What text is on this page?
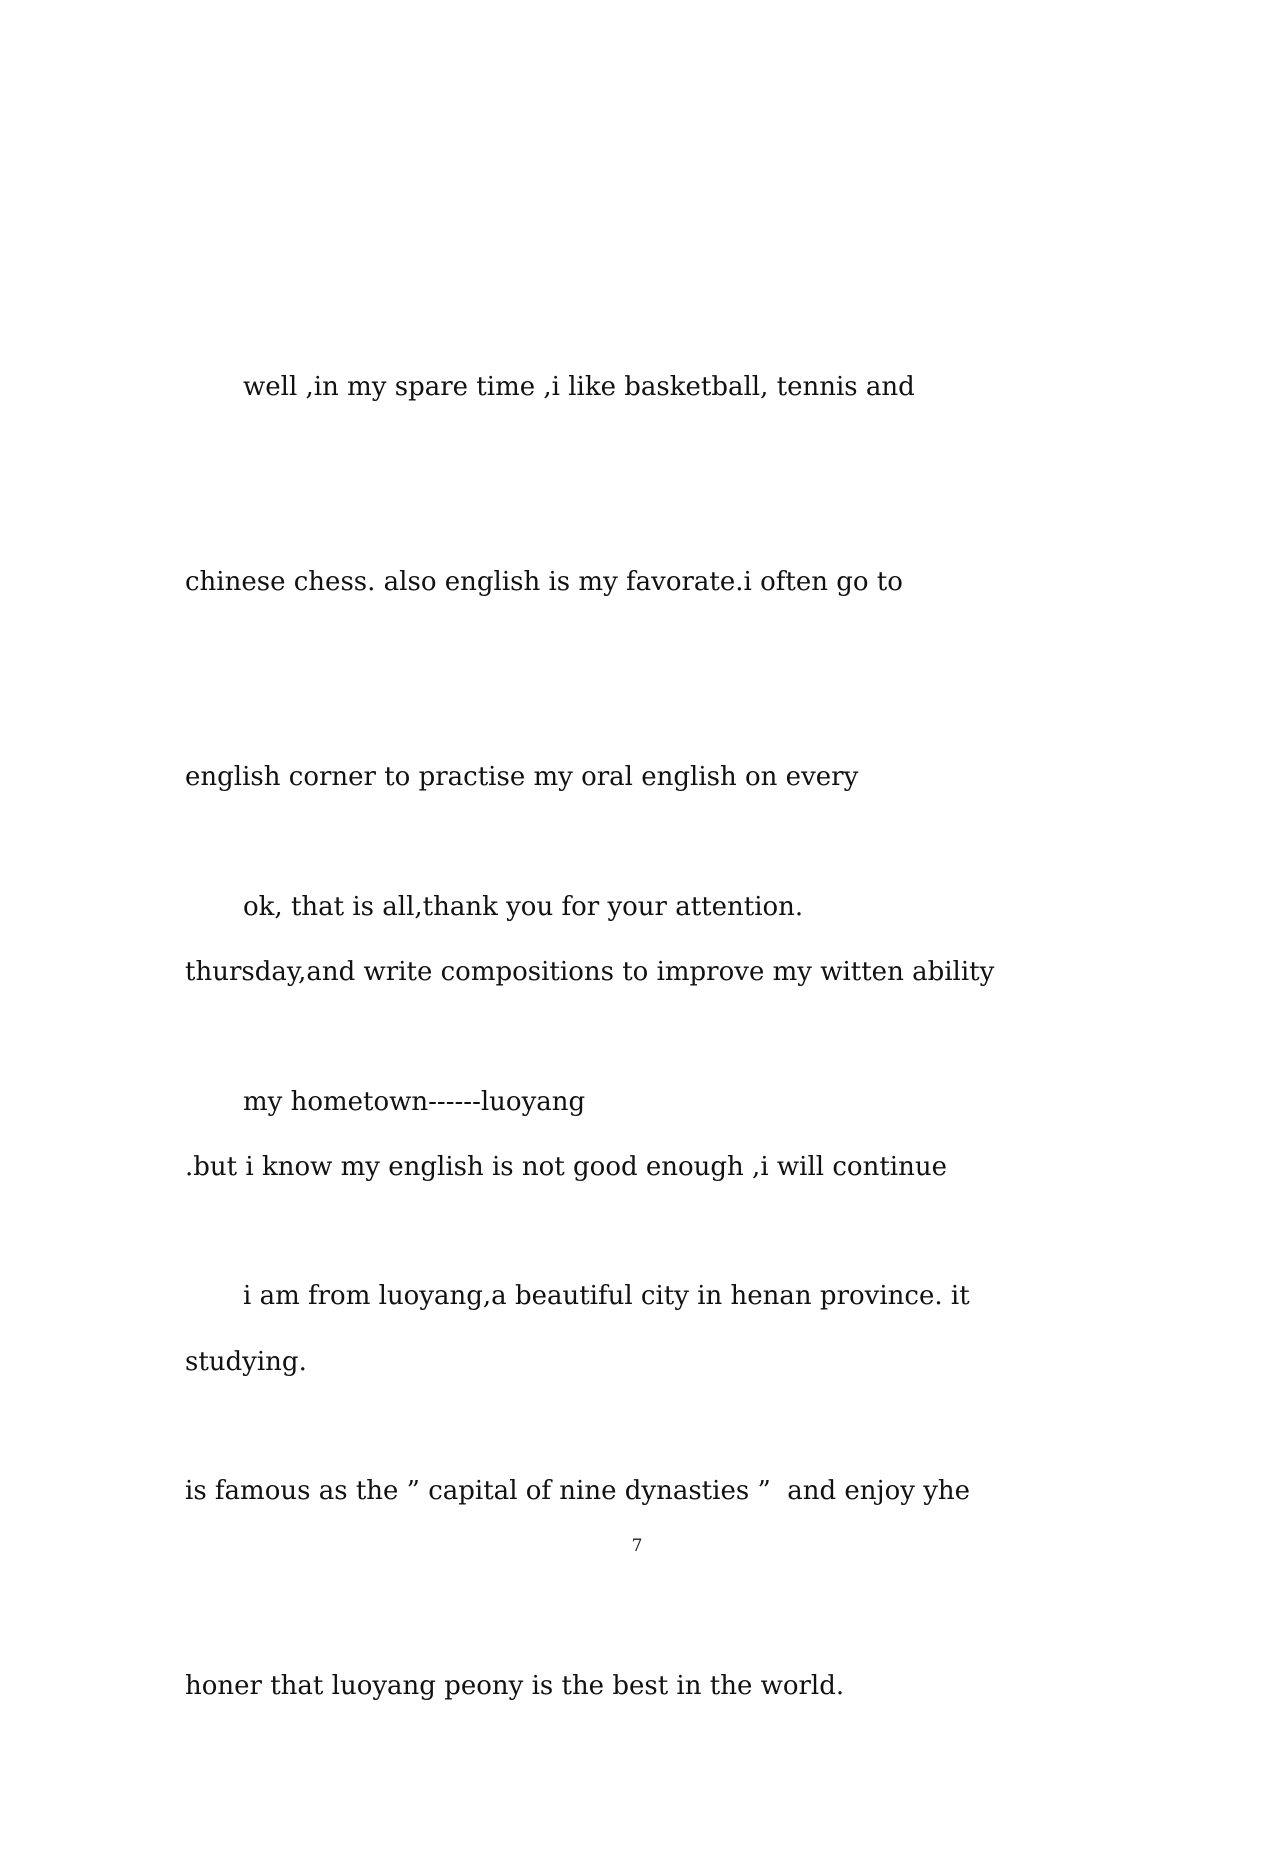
well ,in my spare time ,i like basketball, tennis and

chinese chess. also english is my favorate.i often go to

english corner to practise my oral english on every

thursday,and write compositions to improve my witten ability

.but i know my english is not good enough ,i will continue

studying.

ok, that is all,thank you for your attention.

my hometown------luoyang

i am from luoyang,a beautiful city in henan province. it

is famous as the ” capital of nine dynasties ”  and enjoy yhe

honer that luoyang peony is the best in the world.

7
